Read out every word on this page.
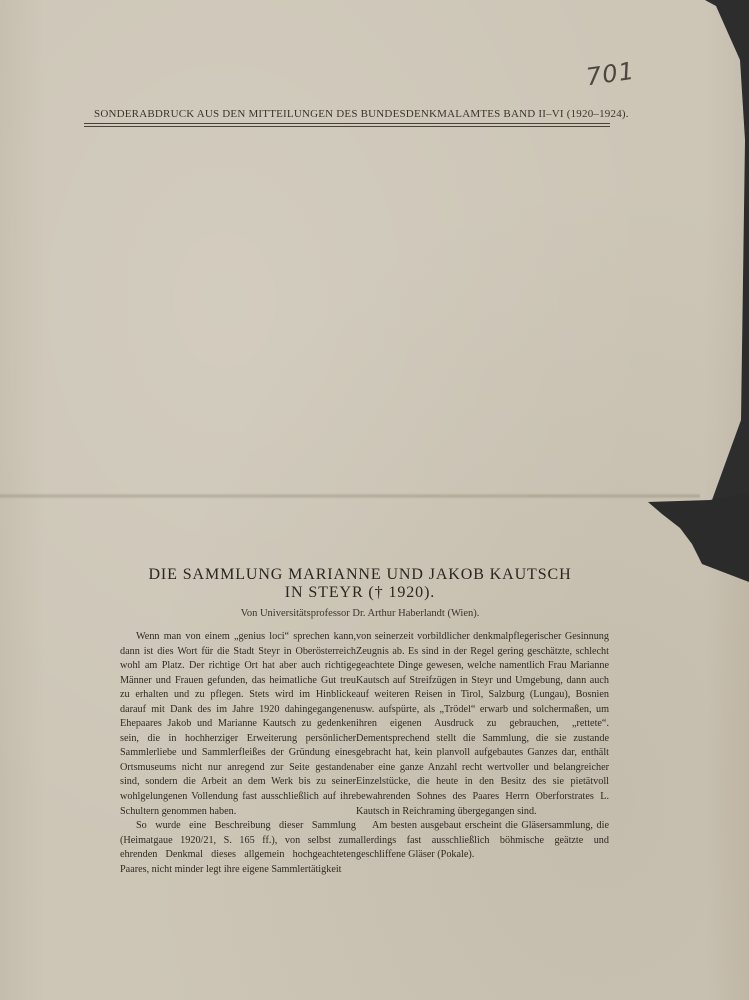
701
SONDERABDRUCK AUS DEN MITTEILUNGEN DES BUNDESDENKMALAMTES BAND II–VI (1920–1924).
DIE SAMMLUNG MARIANNE UND JAKOB KAUTSCH
IN STEYR († 1920).
Von Universitätsprofessor Dr. Arthur Haberlandt (Wien).

Wenn man von einem „genius loci“ sprechen kann, dann ist dies Wort für die Stadt Steyr in Oberösterreich wohl am Platz. Der richtige Ort hat aber auch richtige Männer und Frauen gefunden, das heimatliche Gut treu zu erhalten und zu pflegen. Stets wird im Hinblicke darauf mit Dank des im Jahre 1920 dahingegangenen Ehepaares Jakob und Marianne Kautsch zu gedenken sein, die in hochherziger Erweiterung persönlicher Sammlerliebe und Sammlerfleißes der Gründung eines Ortsmuseums nicht nur anregend zur Seite gestanden sind, sondern die Arbeit an dem Werk bis zu seiner wohlgelungenen Vollendung fast ausschließlich auf ihre Schultern genommen haben.

So wurde eine Beschreibung dieser Sammlung (Heimatgaue 1920/21, S. 165 ff.), von selbst zum ehrenden Denkmal dieses allgemein hochgeachteten Paares, nicht minder legt ihre eigene Sammlertätigkeit

von seinerzeit vorbildlicher denkmalpflegerischer Gesinnung Zeugnis ab. Es sind in der Regel gering geschätzte, schlecht geachtete Dinge gewesen, welche namentlich Frau Marianne Kautsch auf Streifzügen in Steyr und Umgebung, dann auch auf weiteren Reisen in Tirol, Salzburg (Lungau), Bosnien usw. aufspürte, als „Trödel“ erwarb und solchermaßen, um ihren eigenen Ausdruck zu gebrauchen, „rettete“. Dementsprechend stellt die Sammlung, die sie zustande gebracht hat, kein planvoll aufgebautes Ganzes dar, enthält aber eine ganze Anzahl recht wertvoller und belangreicher Einzelstücke, die heute in den Besitz des sie pietätvoll bewahrenden Sohnes des Paares Herrn Oberforstrates L. Kautsch in Reichraming übergegangen sind.

Am besten ausgebaut erscheint die Gläsersammlung, die allerdings fast ausschließlich böhmische geätzte und geschliffene Gläser (Pokale).
